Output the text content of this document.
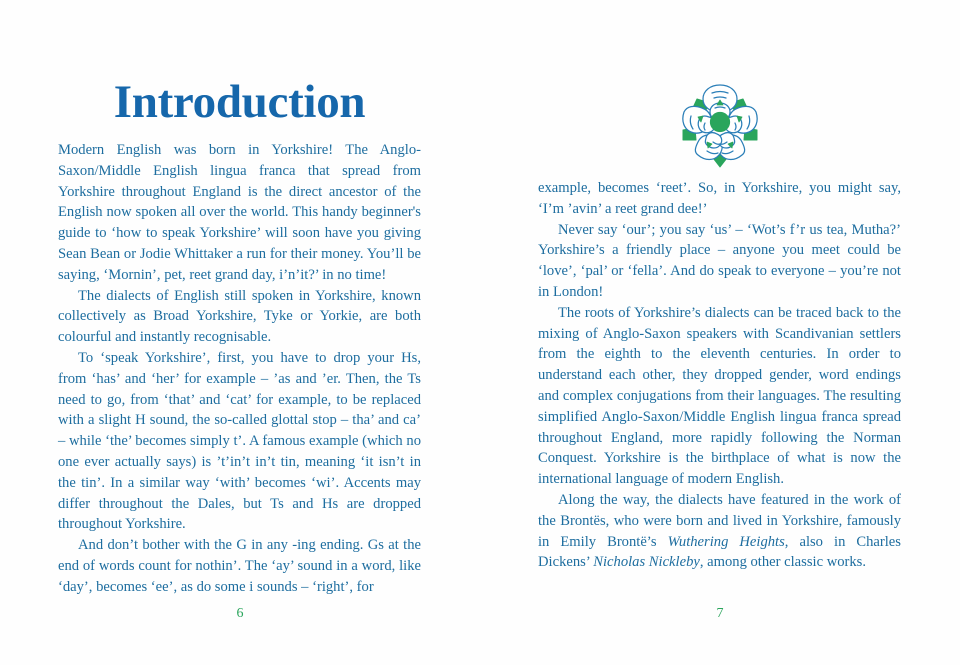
Introduction

Modern English was born in Yorkshire! The Anglo-Saxon/Middle English lingua franca that spread from Yorkshire throughout England is the direct ancestor of the English now spoken all over the world. This handy beginner's guide to ‘how to speak Yorkshire’ will soon have you giving Sean Bean or Jodie Whittaker a run for their money. You’ll be saying, ‘Mornin’, pet, reet grand day, i’n’it?’ in no time!

The dialects of English still spoken in Yorkshire, known collectively as Broad Yorkshire, Tyke or Yorkie, are both colourful and instantly recognisable.

To ‘speak Yorkshire’, first, you have to drop your Hs, from ‘has’ and ‘her’ for example – ’as and ’er. Then, the Ts need to go, from ‘that’ and ‘cat’ for example, to be replaced with a slight H sound, the so-called glottal stop – tha’ and ca’ – while ‘the’ becomes simply t’. A famous example (which no one ever actually says) is ’t’in’t in’t tin, meaning ‘it isn’t in the tin’. In a similar way ‘with’ becomes ‘wi’. Accents may differ throughout the Dales, but Ts and Hs are dropped throughout Yorkshire.

And don’t bother with the G in any -ing ending. Gs at the end of words count for nothin’. The ‘ay’ sound in a word, like ‘day’, becomes ‘ee’, as do some i sounds – ‘right’, for

6

example, becomes ‘reet’. So, in Yorkshire, you might say, ‘I’m ’avin’ a reet grand dee!’

Never say ‘our’; you say ‘us’ – ‘Wot’s f’r us tea, Mutha?’ Yorkshire’s a friendly place – anyone you meet could be ‘love’, ‘pal’ or ‘fella’. And do speak to everyone – you’re not in London!

The roots of Yorkshire’s dialects can be traced back to the mixing of Anglo-Saxon speakers with Scandivanian settlers from the eighth to the eleventh centuries. In order to understand each other, they dropped gender, word endings and complex conjugations from their languages. The resulting simplified Anglo-Saxon/Middle English lingua franca spread throughout England, more rapidly following the Norman Conquest. Yorkshire is the birthplace of what is now the international language of modern English.

Along the way, the dialects have featured in the work of the Brontës, who were born and lived in Yorkshire, famously in Emily Brontë’s Wuthering Heights, also in Charles Dickens’ Nicholas Nickleby, among other classic works.

7
